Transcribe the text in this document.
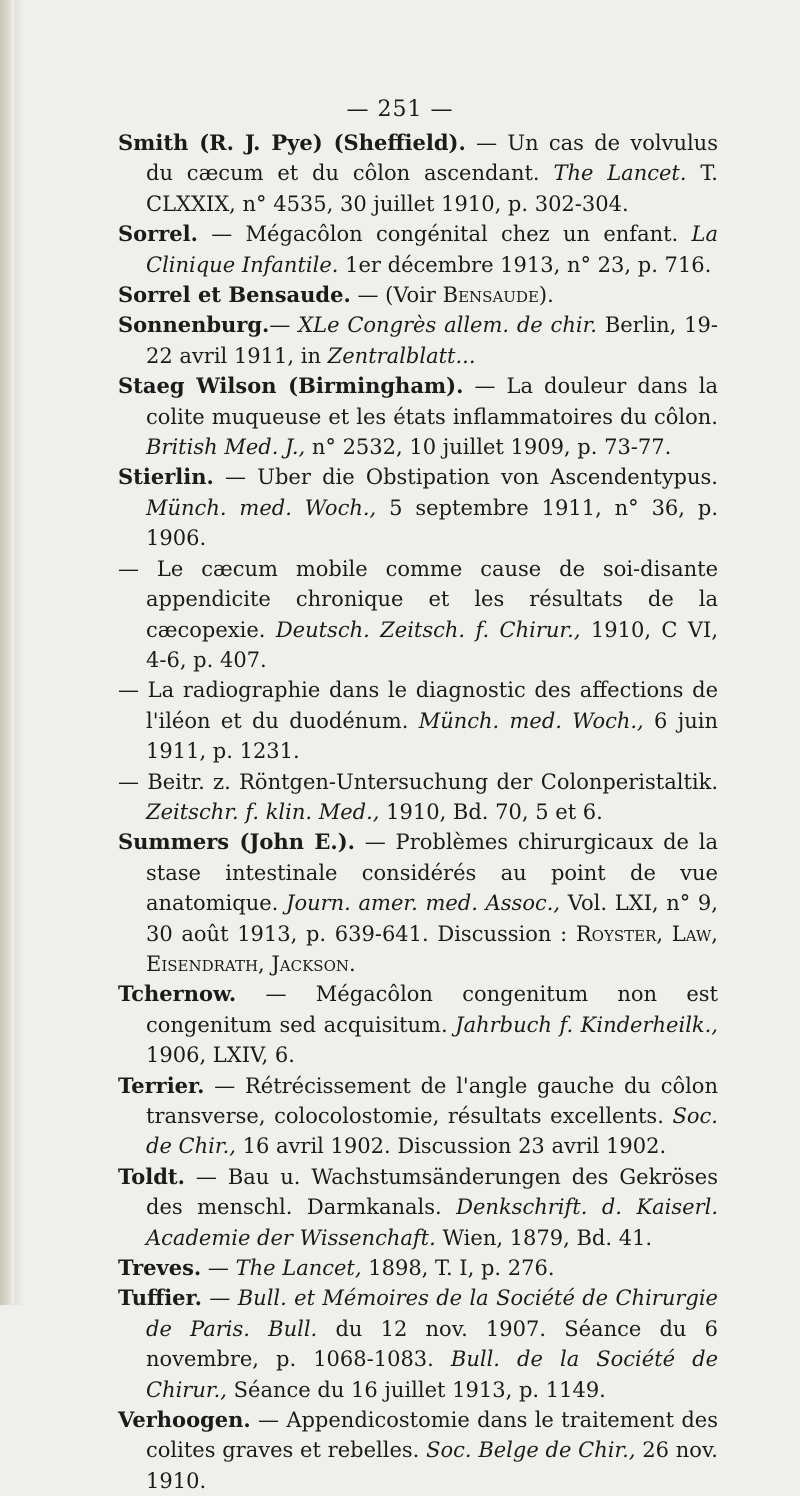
— 251 —

Smith (R. J. Pye) (Sheffield). — Un cas de volvulus du cæcum et du côlon ascendant. The Lancet. T. CLXXIX, n° 4535, 30 juillet 1910, p. 302-304.

Sorrel. — Mégacôlon congénital chez un enfant. La Clinique Infantile. 1er décembre 1913, n° 23, p. 716.

Sorrel et Bensaude. — (Voir Bensaude).

Sonnenburg.— XLe Congrès allem. de chir. Berlin, 19-22 avril 1911, in Zentralblatt...

Staeg Wilson (Birmingham). — La douleur dans la colite muqueuse et les états inflammatoires du côlon. British Med. J., n° 2532, 10 juillet 1909, p. 73-77.

Stierlin. — Uber die Obstipation von Ascendentypus. Münch. med. Woch., 5 septembre 1911, n° 36, p. 1906.

— Le cæcum mobile comme cause de soi-disante appendicite chronique et les résultats de la cæcopexie. Deutsch. Zeitsch. f. Chirur., 1910, C VI, 4-6, p. 407.

— La radiographie dans le diagnostic des affections de l'iléon et du duodénum. Münch. med. Woch., 6 juin 1911, p. 1231.

— Beitr. z. Röntgen-Untersuchung der Colonperistaltik. Zeitschr. f. klin. Med., 1910, Bd. 70, 5 et 6.

Summers (John E.). — Problèmes chirurgicaux de la stase intestinale considérés au point de vue anatomique. Journ. amer. med. Assoc., Vol. LXI, n° 9, 30 août 1913, p. 639-641. Discussion : Royster, Law, Eisendrath, Jackson.

Tchernow. — Mégacôlon congenitum non est congenitum sed acquisitum. Jahrbuch f. Kinderheilk., 1906, LXIV, 6.

Terrier. — Rétrécissement de l'angle gauche du côlon transverse, colocolostomie, résultats excellents. Soc. de Chir., 16 avril 1902. Discussion 23 avril 1902.

Toldt. — Bau u. Wachstumsänderungen des Gekröses des menschl. Darmkanals. Denkschrift. d. Kaiserl. Academie der Wissenchaft. Wien, 1879, Bd. 41.

Treves. — The Lancet, 1898, T. I, p. 276.

Tuffier. — Bull. et Mémoires de la Société de Chirurgie de Paris. Bull. du 12 nov. 1907. Séance du 6 novembre, p. 1068-1083. Bull. de la Société de Chirur., Séance du 16 juillet 1913, p. 1149.

Verhoogen. — Appendicostomie dans le traitement des colites graves et rebelles. Soc. Belge de Chir., 26 nov. 1910.
